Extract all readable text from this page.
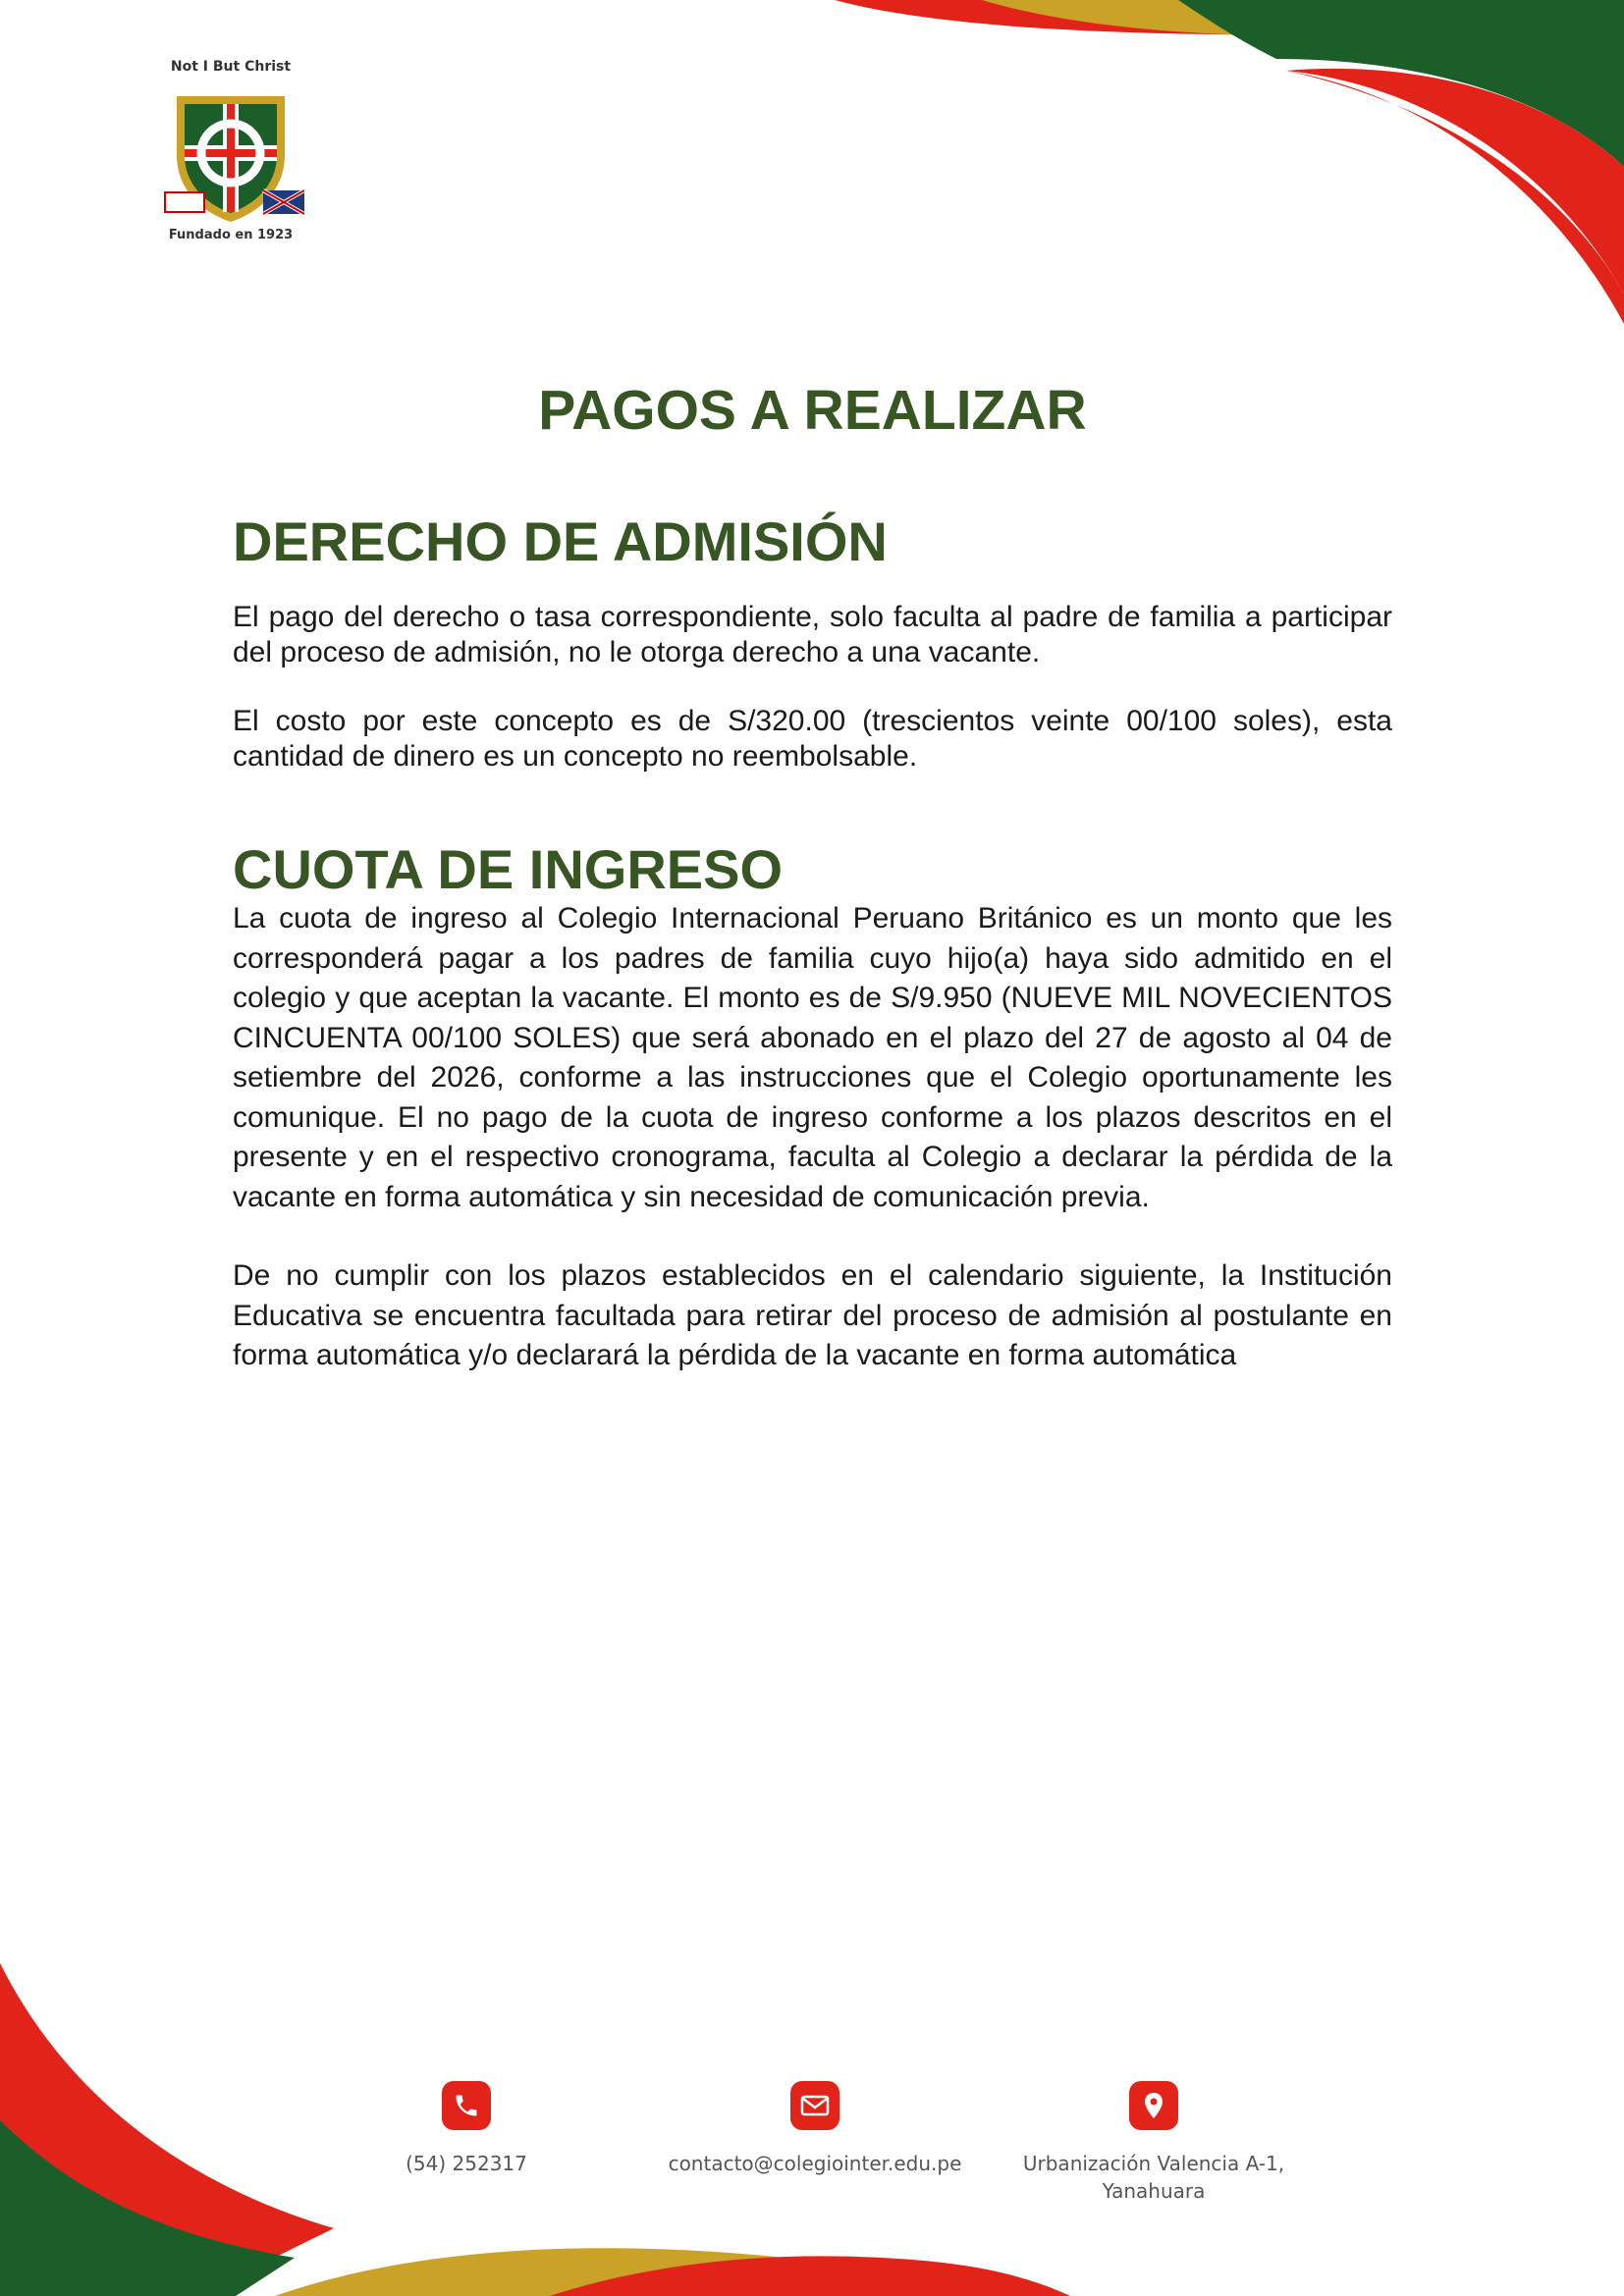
Not I But Christ
Fundado en 1923
PAGOS A REALIZAR
DERECHO DE ADMISIÓN

El pago del derecho o tasa correspondiente, solo faculta al padre de familia a participar del proceso de admisión, no le otorga derecho a una vacante.

El costo por este concepto es de S/320.00 (trescientos veinte 00/100 soles), esta cantidad de dinero es un concepto no reembolsable.

CUOTA DE INGRESO

La cuota de ingreso al Colegio Internacional Peruano Británico es un monto que les corresponderá pagar a los padres de familia cuyo hijo(a) haya sido admitido en el colegio y que aceptan la vacante. El monto es de S/9.950 (NUEVE MIL NOVECIENTOS CINCUENTA 00/100 SOLES) que será abonado en el plazo del 27 de agosto al 04 de setiembre del 2026, conforme a las instrucciones que el Colegio oportunamente les comunique. El no pago de la cuota de ingreso conforme a los plazos descritos en el presente y en el respectivo cronograma, faculta al Colegio a declarar la pérdida de la vacante en forma automática y sin necesidad de comunicación previa.

De no cumplir con los plazos establecidos en el calendario siguiente, la Institución Educativa se encuentra facultada para retirar del proceso de admisión al postulante en forma automática y/o declarará la pérdida de la vacante en forma automática

(54) 252317	contacto@colegiointer.edu.pe	Urbanización Valencia A-1,
Yanahuara
